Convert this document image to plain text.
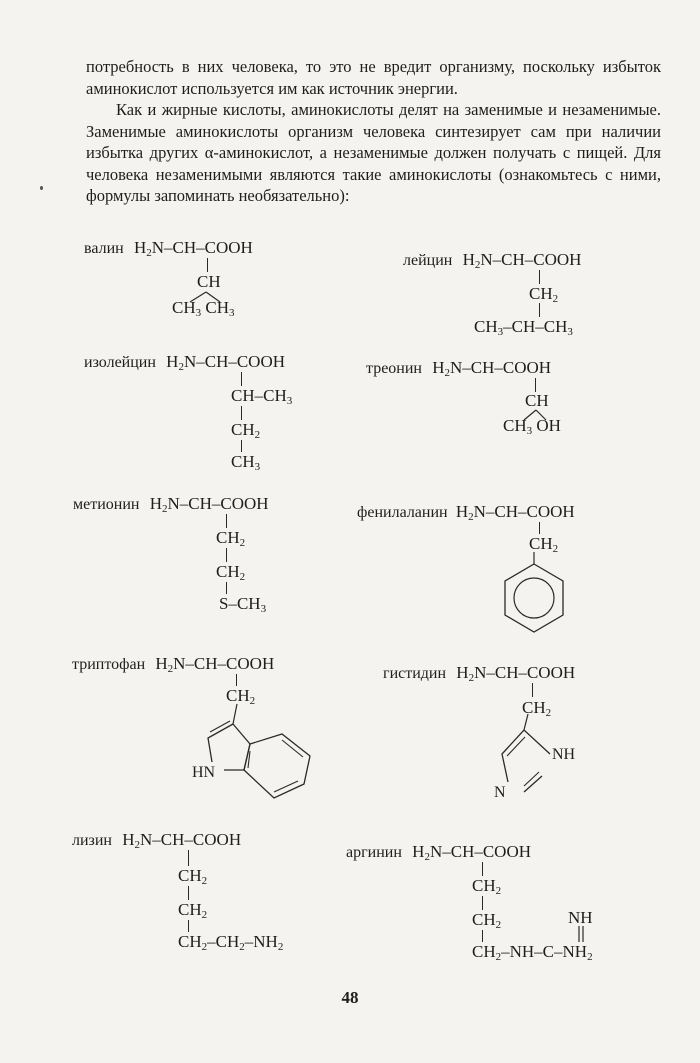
потребность в них человека, то это не вредит организму, поскольку избыток аминокислот используется им как источник энергии.

Как и жирные кислоты, аминокислоты делят на заменимые и незаменимые. Заменимые аминокислоты организм человека синтезирует сам при наличии избытка других α-аминокислот, а незаменимые должен получать с пищей. Для человека незаменимыми являются такие аминокислоты (ознакомьтесь с ними, формулы запоминать необязательно):

валин $H_2N-CH$–COOH
CH
$CH_3$ $CH_3$
лейцин $H_2N-CH$–COOH
$CH_2$
$CH_3-CH-CH_3$
изолейцин $H_2N-CH$–COOH
$CH-CH_3$
$CH_2$
$CH_3$
треонин $H_2N-CH$–COOH
CH
$CH_3$ OH
метионин $H_2N-CH$–COOH
$CH_2$
$CH_2$
$S-CH_3$
фенилаланин $H_2N-CH$–COOH
$CH_2$
триптофан $H_2N-CH$–COOH
$CH_2$
HN
гистидин $H_2N-CH$–COOH
$CH_2$
NH
N
лизин $H_2N-CH$–COOH
$CH_2$
$CH_2$
$CH_2-CH_2-NH_2$
аргинин $H_2N-CH$–COOH
$CH_2$
$CH_2$	NH
$CH_2-NH-C-NH_2$
48
